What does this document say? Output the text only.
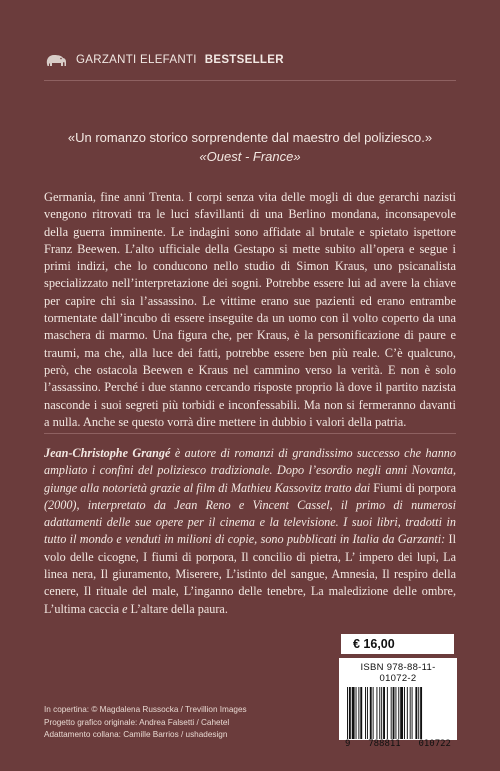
GARZANTI ELEFANTI BESTSELLER
«Un romanzo storico sorprendente dal maestro del poliziesco.»
«Ouest - France»

Germania, fine anni Trenta. I corpi senza vita delle mogli di due gerarchi nazisti vengono ritrovati tra le luci sfavillanti di una Berlino mondana, inconsapevole della guerra imminente. Le indagini sono affidate al brutale e spietato ispettore Franz Beewen. L’alto ufficiale della Gestapo si mette subito all’opera e segue i primi indizi, che lo conducono nello studio di Simon Kraus, uno psicanalista specializzato nell’interpretazione dei sogni. Potrebbe essere lui ad avere la chiave per capire chi sia l’assassino. Le vittime erano sue pazienti ed erano entrambe tormentate dall’incubo di essere inseguite da un uomo con il volto coperto da una maschera di marmo. Una figura che, per Kraus, è la personificazione di paure e traumi, ma che, alla luce dei fatti, potrebbe essere ben più reale. C’è qualcuno, però, che ostacola Beewen e Kraus nel cammino verso la verità. E non è solo l’assassino. Perché i due stanno cercando risposte proprio là dove il partito nazista nasconde i suoi segreti più torbidi e inconfessabili. Ma non si fermeranno davanti a nulla. Anche se questo vorrà dire mettere in dubbio i valori della patria.

Jean-Christophe Grangé è autore di romanzi di grandissimo successo che hanno ampliato i confini del poliziesco tradizionale. Dopo l’esordio negli anni Novanta, giunge alla notorietà grazie al film di Mathieu Kassovitz tratto dai Fiumi di porpora (2000), interpretato da Jean Reno e Vincent Cassel, il primo di numerosi adattamenti delle sue opere per il cinema e la televisione. I suoi libri, tradotti in tutto il mondo e venduti in milioni di copie, sono pubblicati in Italia da Garzanti: Il volo delle cicogne, I fiumi di porpora, Il concilio di pietra, L’ impero dei lupi, La linea nera, Il giuramento, Miserere, L’istinto del sangue, Amnesia, Il respiro della cenere, Il rituale del male, L’inganno delle tenebre, La maledizione delle ombre, L’ultima caccia e L’altare della paura.

€ 16,00
ISBN 978-88-11-01072-2
9 788811 010722
In copertina: © Magdalena Russocka / Trevillion Images
Progetto grafico originale: Andrea Falsetti / Cahetel
Adattamento collana: Camille Barrios / ushadesign
